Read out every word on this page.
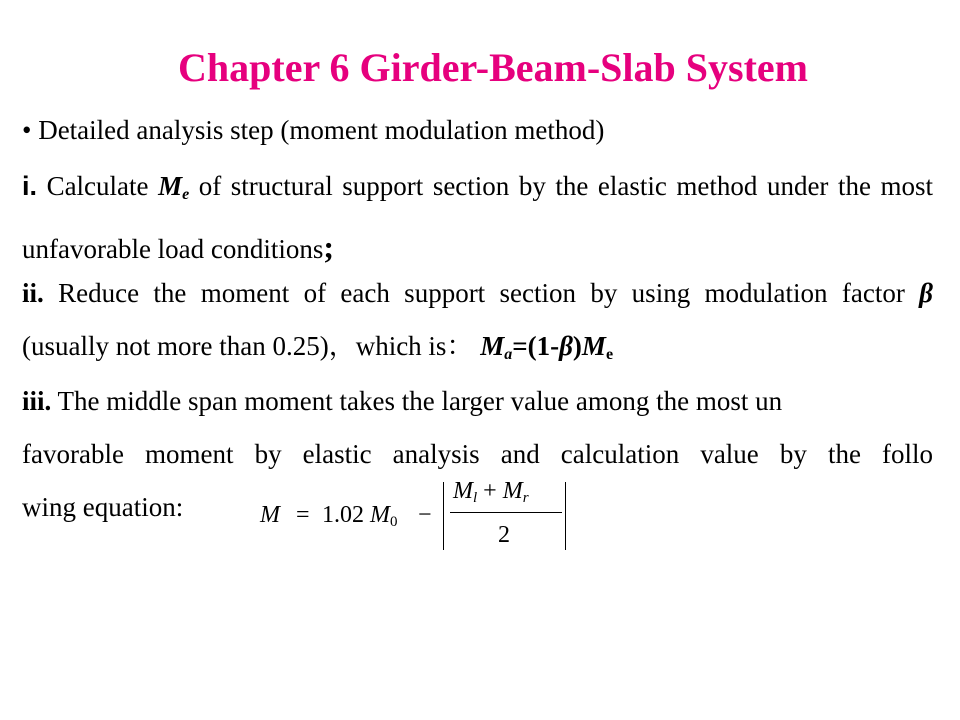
Chapter 6 Girder-Beam-Slab System
• Detailed analysis step (moment modulation method)
i. Calculate $M_e$ of structural support section by the elastic method under the most unfavorable load conditions;
ii. Reduce the moment of each support section by using modulation factor β (usually not more than 0.25)，which is： $M_a=(1-\beta)M_e$
iii. The middle span moment takes the larger value among the most un
favorable moment by elastic analysis and calculation value by the follo
wing equation:	M = 1.02 M0 −
Ml + Mr
2
